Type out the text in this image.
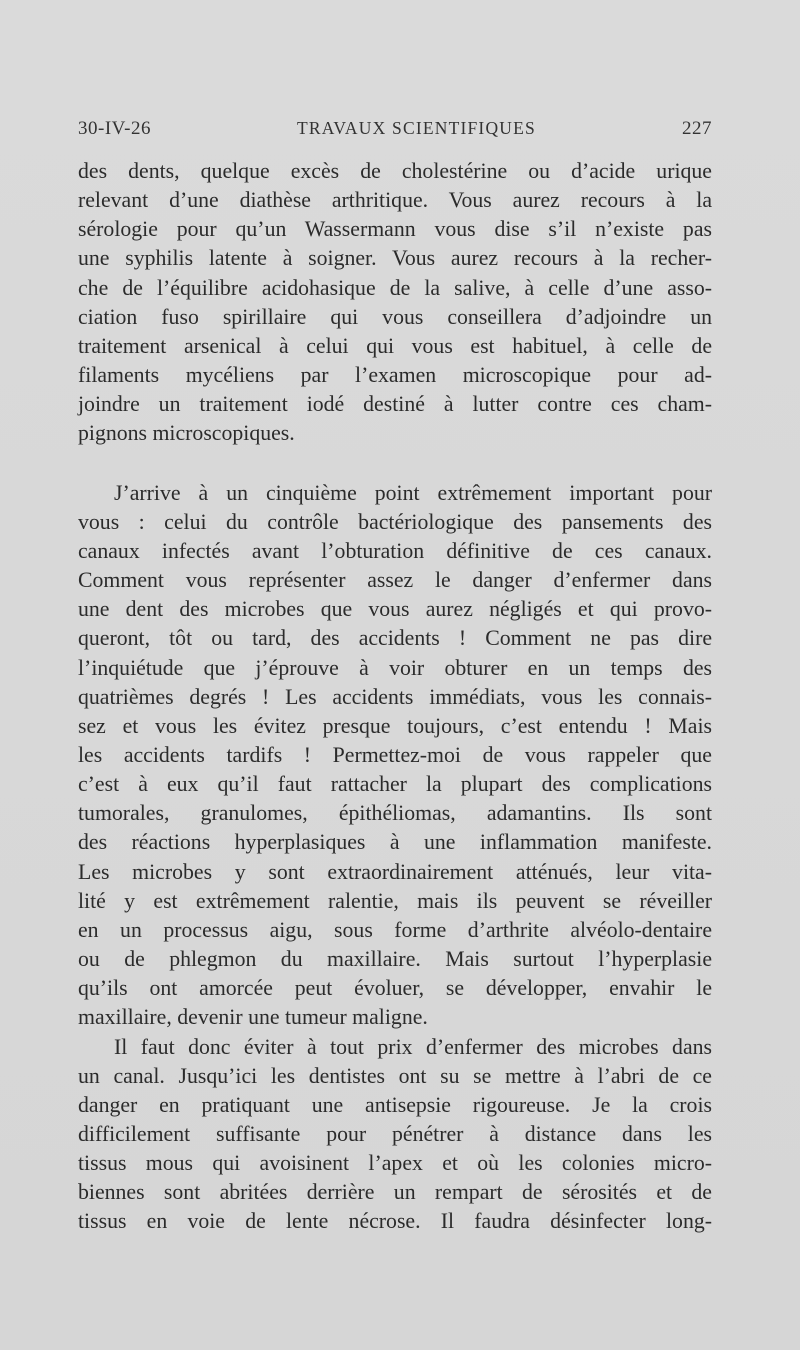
30-IV-26	TRAVAUX SCIENTIFIQUES	227
des dents, quelque excès de cholestérine ou d’acide urique
relevant d’une diathèse arthritique. Vous aurez recours à la
sérologie pour qu’un Wassermann vous dise s’il n’existe pas
une syphilis latente à soigner. Vous aurez recours à la recher-
che de l’équilibre acidohasique de la salive, à celle d’une asso-
ciation fuso spirillaire qui vous conseillera d’adjoindre un
traitement arsenical à celui qui vous est habituel, à celle de
filaments mycéliens par l’examen microscopique pour ad-
joindre un traitement iodé destiné à lutter contre ces cham-
pignons microscopiques.
J’arrive à un cinquième point extrêmement important pour
vous : celui du contrôle bactériologique des pansements des
canaux infectés avant l’obturation définitive de ces canaux.
Comment vous représenter assez le danger d’enfermer dans
une dent des microbes que vous aurez négligés et qui provo-
queront, tôt ou tard, des accidents ! Comment ne pas dire
l’inquiétude que j’éprouve à voir obturer en un temps des
quatrièmes degrés ! Les accidents immédiats, vous les connais-
sez et vous les évitez presque toujours, c’est entendu ! Mais
les accidents tardifs ! Permettez-moi de vous rappeler que
c’est à eux qu’il faut rattacher la plupart des complications
tumorales, granulomes, épithéliomas, adamantins. Ils sont
des réactions hyperplasiques à une inflammation manifeste.
Les microbes y sont extraordinairement atténués, leur vita-
lité y est extrêmement ralentie, mais ils peuvent se réveiller
en un processus aigu, sous forme d’arthrite alvéolo-dentaire
ou de phlegmon du maxillaire. Mais surtout l’hyperplasie
qu’ils ont amorcée peut évoluer, se développer, envahir le
maxillaire, devenir une tumeur maligne.
Il faut donc éviter à tout prix d’enfermer des microbes dans
un canal. Jusqu’ici les dentistes ont su se mettre à l’abri de ce
danger en pratiquant une antisepsie rigoureuse. Je la crois
difficilement suffisante pour pénétrer à distance dans les
tissus mous qui avoisinent l’apex et où les colonies micro-
biennes sont abritées derrière un rempart de sérosités et de
tissus en voie de lente nécrose. Il faudra désinfecter long-
